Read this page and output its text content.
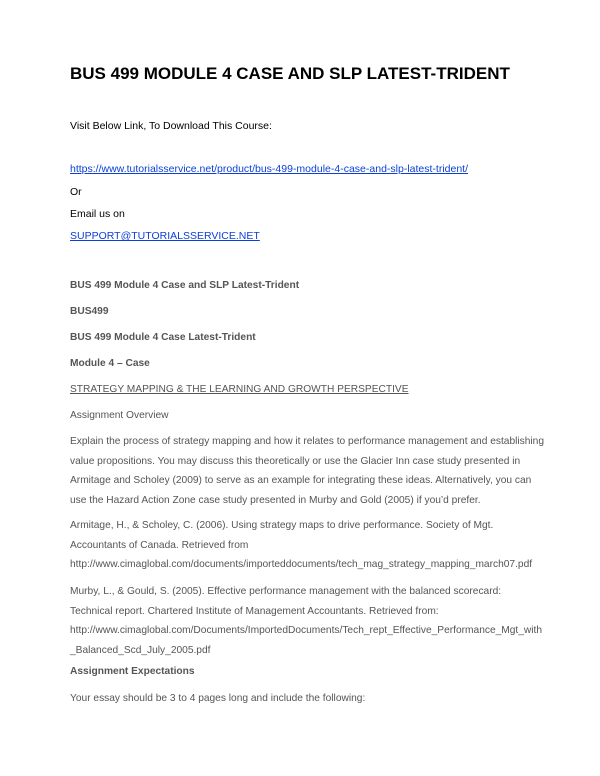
BUS 499 MODULE 4 CASE AND SLP LATEST-TRIDENT
Visit Below Link, To Download This Course:
https://www.tutorialsservice.net/product/bus-499-module-4-case-and-slp-latest-trident/
Or
Email us on
SUPPORT@TUTORIALSSERVICE.NET
BUS 499 Module 4 Case and SLP Latest-Trident
BUS499
BUS 499 Module 4 Case Latest-Trident
Module 4 – Case
STRATEGY MAPPING & THE LEARNING AND GROWTH PERSPECTIVE
Assignment Overview
Explain the process of strategy mapping and how it relates to performance management and establishing
value propositions. You may discuss this theoretically or use the Glacier Inn case study presented in
Armitage and Scholey (2009) to serve as an example for integrating these ideas. Alternatively, you can
use the Hazard Action Zone case study presented in Murby and Gold (2005) if you’d prefer.
Armitage, H., & Scholey, C. (2006). Using strategy maps to drive performance. Society of Mgt.
Accountants of Canada. Retrieved from
http://www.cimaglobal.com/documents/importeddocuments/tech_mag_strategy_mapping_march07.pdf
Murby, L., & Gould, S. (2005). Effective performance management with the balanced scorecard:
Technical report. Chartered Institute of Management Accountants. Retrieved from:
http://www.cimaglobal.com/Documents/ImportedDocuments/Tech_rept_Effective_Performance_Mgt_with
_Balanced_Scd_July_2005.pdf
Assignment Expectations
Your essay should be 3 to 4 pages long and include the following:
